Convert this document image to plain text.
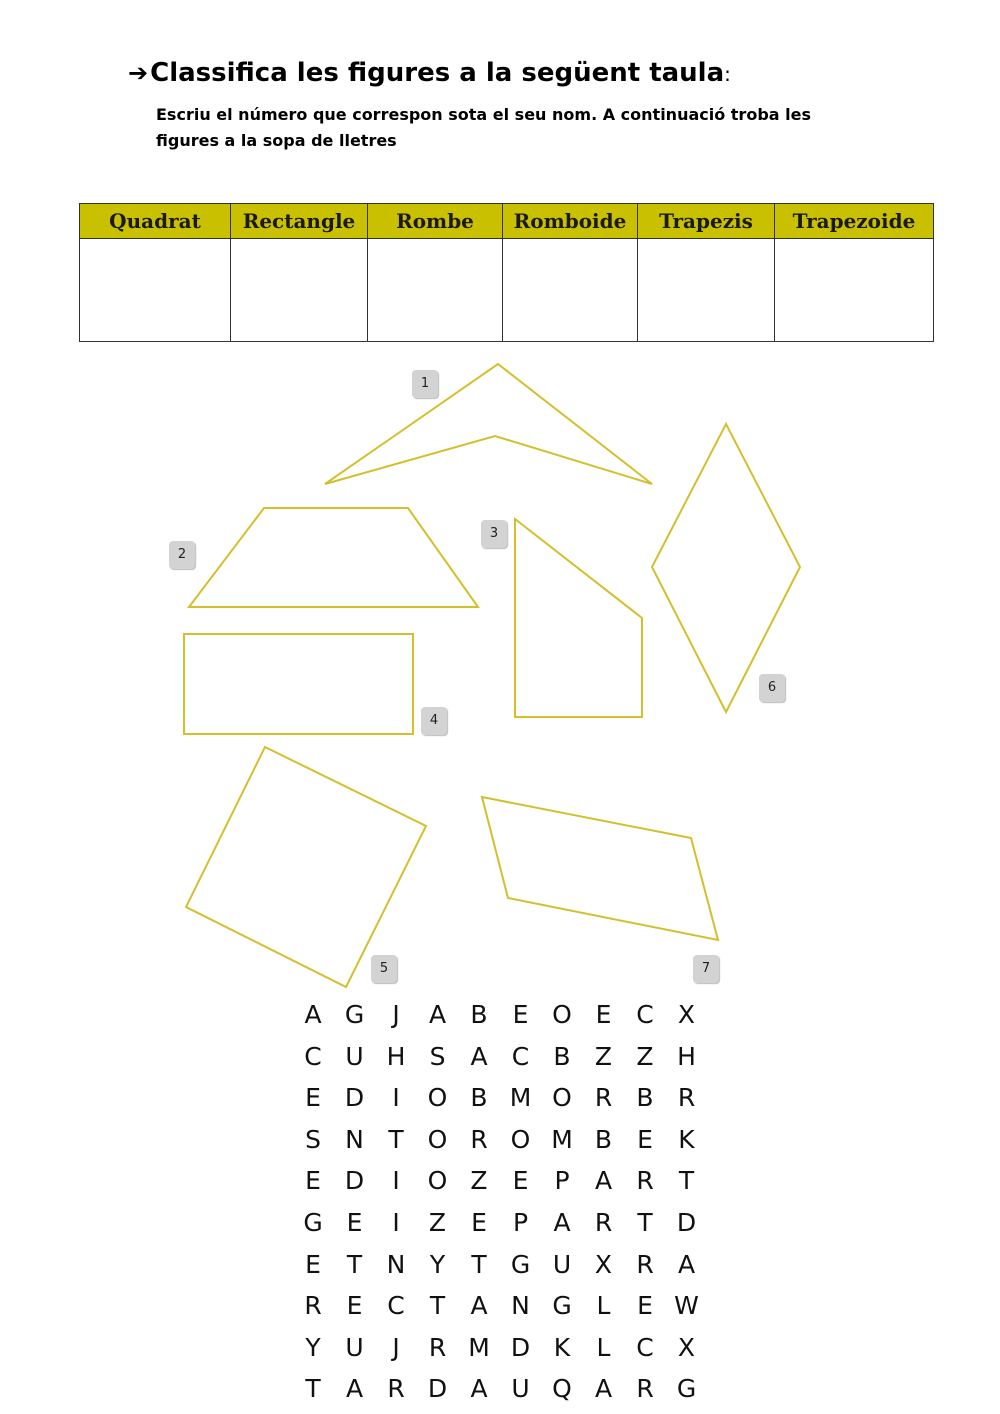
➔Classifica les figures a la següent taula:
Escriu el número que correspon sota el seu nom. A continuació troba les figures a la sopa de lletres
Quadrat	Rectangle	Rombe	Romboide	Trapezis	Trapezoide

1
2
3
4
5
6
7
A G	J	A B E O E C X
C U H S A C B Z Z H
E D	I	O B M O R B R
S N T O R O M B E K
E D	I	O Z E P A R T
G E	I	Z E P A R T D
E T N Y T G U X R A
R E C T A N G L	E W
Y U	J	R M D K	L	C X
T A R D A U Q A R G
